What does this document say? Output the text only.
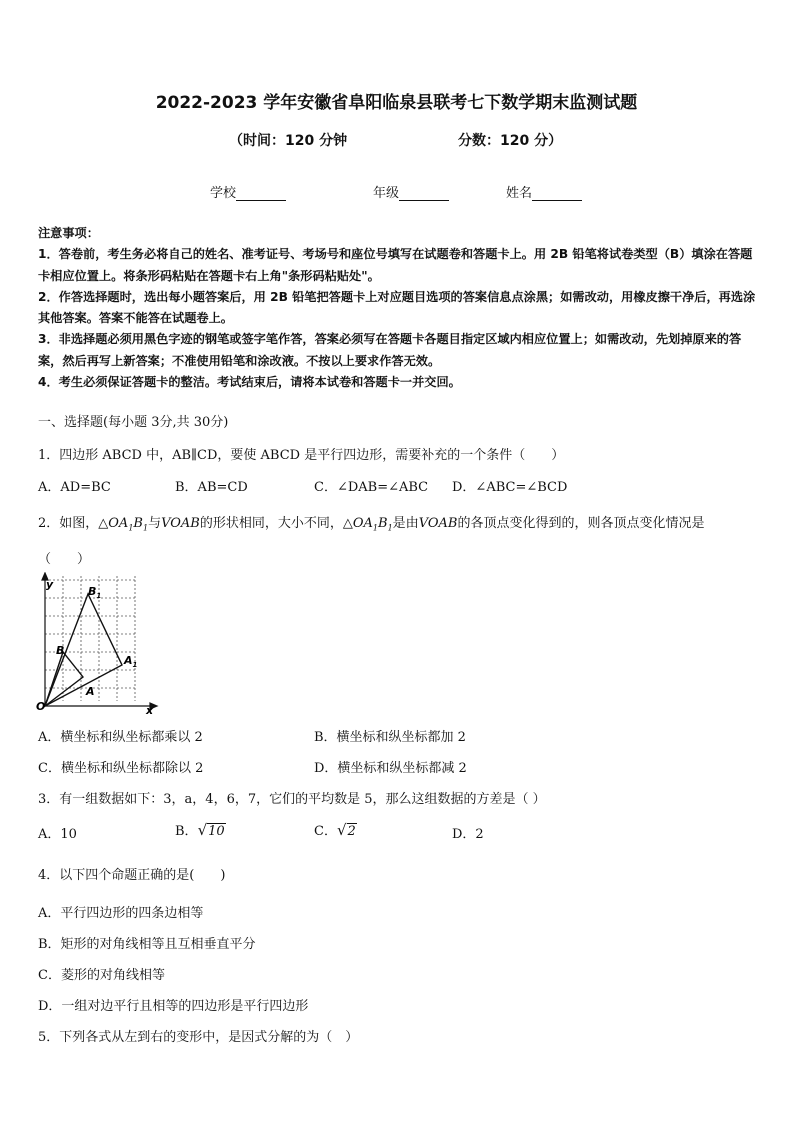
2022-2023 学年安徽省阜阳临泉县联考七下数学期末监测试题
（时间：120 分钟	分数：120 分）
学校	年级	姓名

注意事项：

1．答卷前，考生务必将自己的姓名、准考证号、考场号和座位号填写在试题卷和答题卡上。用 2B 铅笔将试卷类型（B）填涂在答题卡相应位置上。将条形码粘贴在答题卡右上角"条形码粘贴处"。

2．作答选择题时，选出每小题答案后，用 2B 铅笔把答题卡上对应题目选项的答案信息点涂黑；如需改动，用橡皮擦干净后，再选涂其他答案。答案不能答在试题卷上。

3．非选择题必须用黑色字迹的钢笔或签字笔作答，答案必须写在答题卡各题目指定区域内相应位置上；如需改动，先划掉原来的答案，然后再写上新答案；不准使用铅笔和涂改液。不按以上要求作答无效。

4．考生必须保证答题卡的整洁。考试结束后，请将本试卷和答题卡一并交回。

一、选择题(每小题 3分,共 30分)
1．四边形 ABCD 中，AB∥CD，要使 ABCD 是平行四边形，需要补充的一个条件（　　）
A．AD=BC	B．AB=CD	C．∠DAB=∠ABC D．∠ABC=∠BCD
2．如图，$\triangle OA_1B_1$与VOAB的形状相同，大小不同，$\triangle OA_1B_1$是由VOAB的各顶点变化得到的，则各顶点变化情况是
（　　）
y
x
O
A
B
$A_1$
$B_1$
A．横坐标和纵坐标都乘以 2	B．横坐标和纵坐标都加 2
C．横坐标和纵坐标都除以 2	D．横坐标和纵坐标都减 2
3．有一组数据如下：3，a，4，6，7，它们的平均数是 5，那么这组数据的方差是（ ）
A．10	B．√10	C．√2	D．2
4．以下四个命题正确的是(　　)
A．平行四边形的四条边相等
B．矩形的对角线相等且互相垂直平分
C．菱形的对角线相等
D．一组对边平行且相等的四边形是平行四边形
5．下列各式从左到右的变形中，是因式分解的为（　）
